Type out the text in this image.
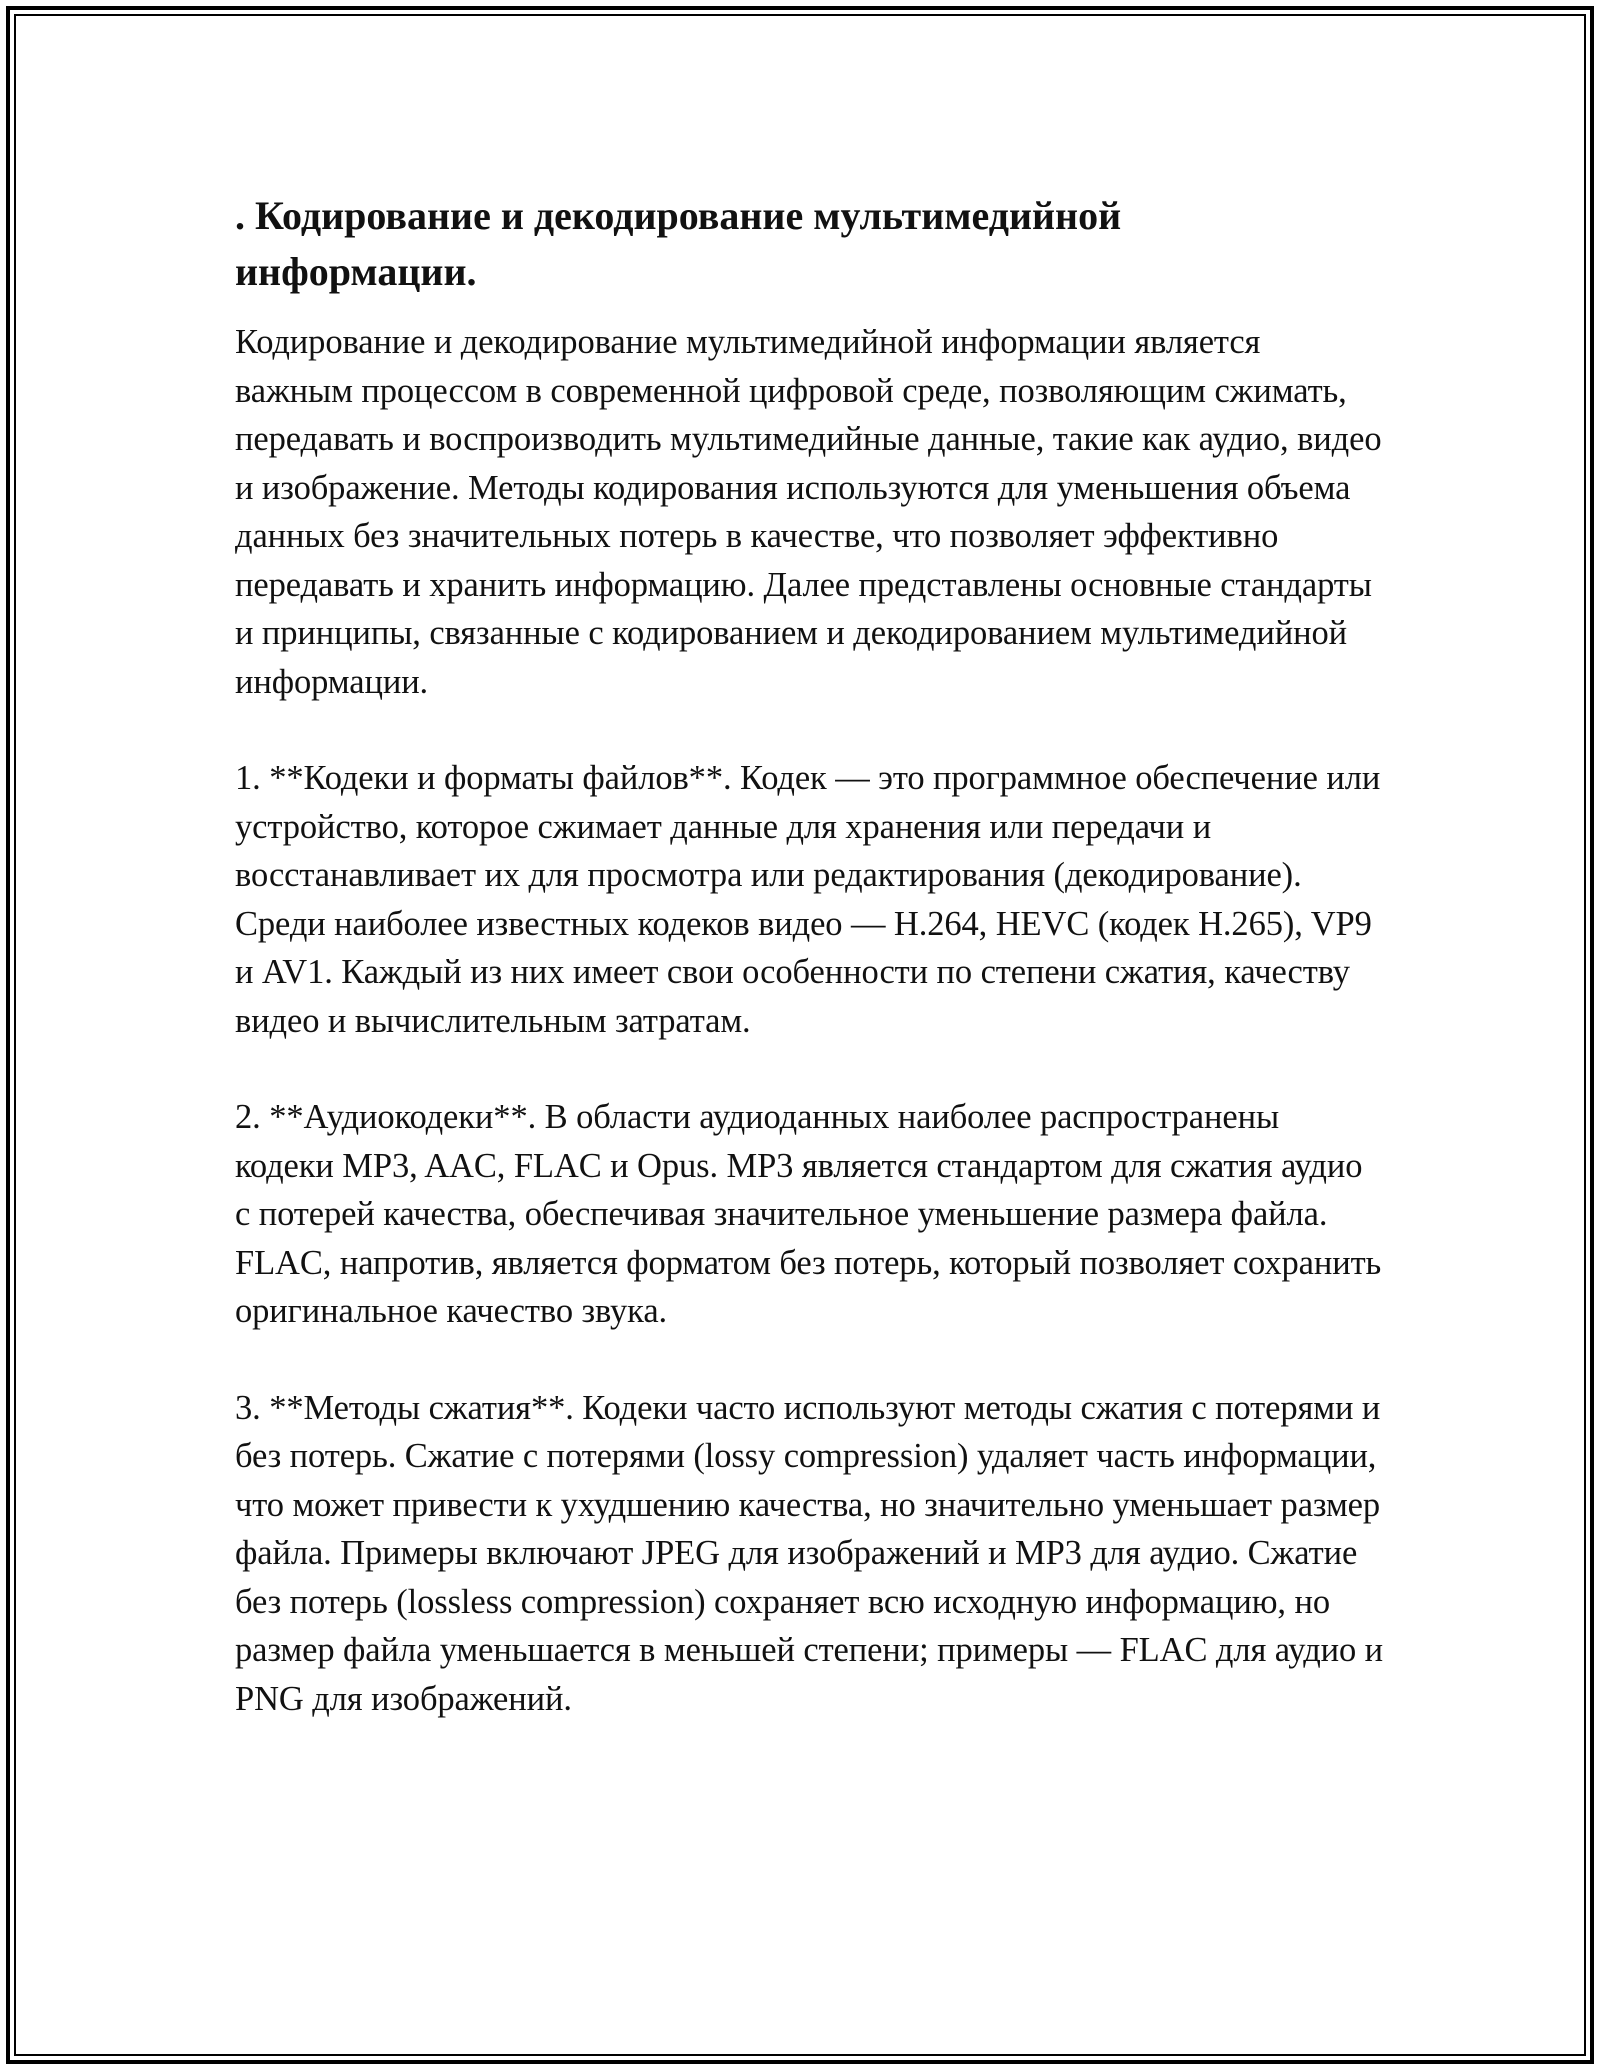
. Кодирование и декодирование мультимедийной информации.

Кодирование и декодирование мультимедийной информации является важным процессом в современной цифровой среде, позволяющим сжимать, передавать и воспроизводить мультимедийные данные, такие как аудио, видео и изображение. Методы кодирования используются для уменьшения объема данных без значительных потерь в качестве, что позволяет эффективно передавать и хранить информацию. Далее представлены основные стандарты и принципы, связанные с кодированием и декодированием мультимедийной информации.

1. **Кодеки и форматы файлов**. Кодек — это программное обеспечение или устройство, которое сжимает данные для хранения или передачи и восстанавливает их для просмотра или редактирования (декодирование). Среди наиболее известных кодеков видео — H.264, HEVC (кодек H.265), VP9 и AV1. Каждый из них имеет свои особенности по степени сжатия, качеству видео и вычислительным затратам.

2. **Аудиокодеки**. В области аудиоданных наиболее распространены кодеки MP3, AAC, FLAC и Opus. MP3 является стандартом для сжатия аудио с потерей качества, обеспечивая значительное уменьшение размера файла. FLAC, напротив, является форматом без потерь, который позволяет сохранить оригинальное качество звука.

3. **Методы сжатия**. Кодеки часто используют методы сжатия с потерями и без потерь. Сжатие с потерями (lossy compression) удаляет часть информации, что может привести к ухудшению качества, но значительно уменьшает размер файла. Примеры включают JPEG для изображений и MP3 для аудио. Сжатие без потерь (lossless compression) сохраняет всю исходную информацию, но размер файла уменьшается в меньшей степени; примеры — FLAC для аудио и PNG для изображений.
